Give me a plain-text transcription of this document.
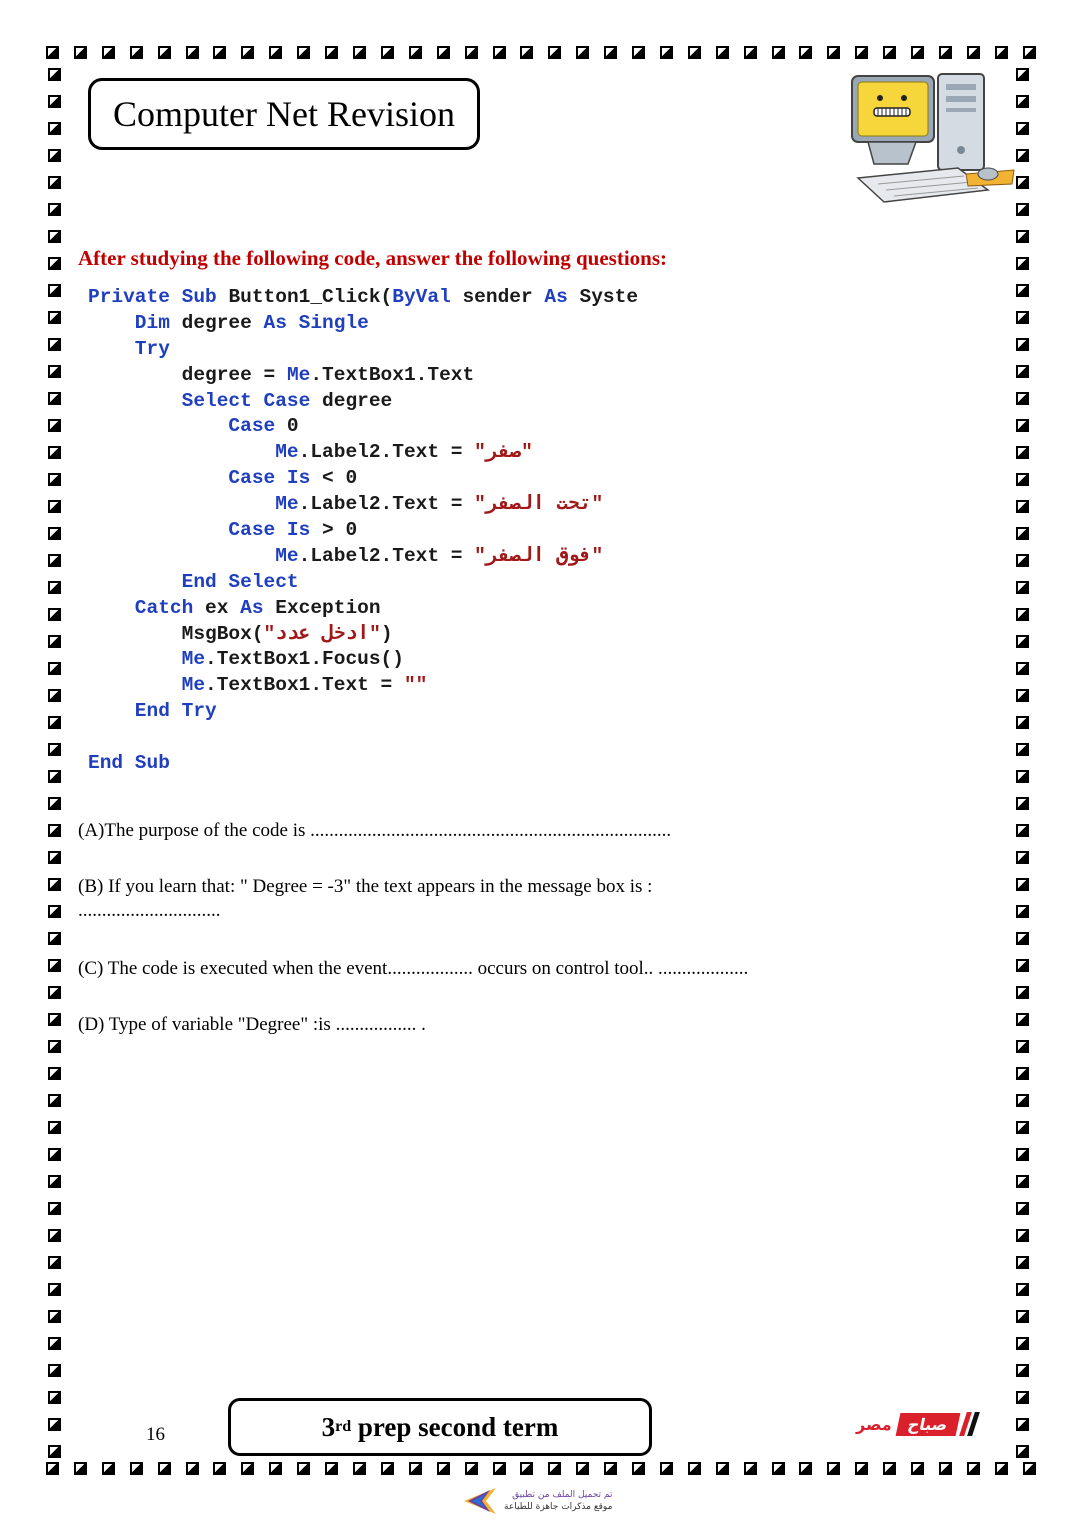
Computer Net Revision
After studying the following code, answer the following questions:
Private Sub Button1_Click(ByVal sender As Syste
Dim degree As Single
Try
degree = Me.TextBox1.Text
Select Case degree
Case 0
Me.Label2.Text = "صفر"
Case Is < 0
Me.Label2.Text = "تحت الصفر"
Case Is > 0
Me.Label2.Text = "فوق الصفر"
End Select
Catch ex As Exception
MsgBox("ادخل عدد")
Me.TextBox1.Focus()
Me.TextBox1.Text = ""
End Try
End Sub
(A)The purpose of the code is ............................................................................
(B) If you learn that: " Degree = -3" the text appears in the message box is :
..............................
(C) The code is executed when the event.................. occurs on control tool.. ...................
(D) Type of variable "Degree" :is ................. .
16	3 rd prep second term	صباح
مصر
تم تحميل الملف من تطبيق
موقع مذكرات جاهزة للطباعة
